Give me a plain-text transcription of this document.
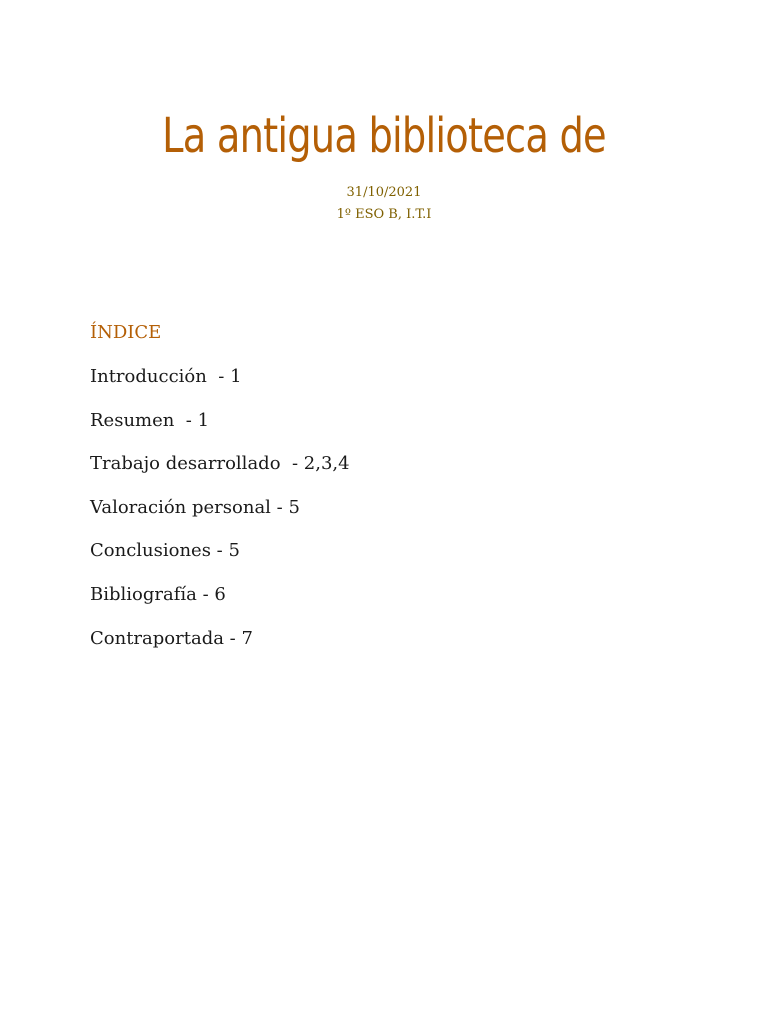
La antigua biblioteca de
31/10/2021
1º ESO B, I.T.I
ÍNDICE
Introducción  - 1
Resumen  - 1
Trabajo desarrollado  - 2,3,4
Valoración personal - 5
Conclusiones - 5
Bibliografía - 6
Contraportada - 7
